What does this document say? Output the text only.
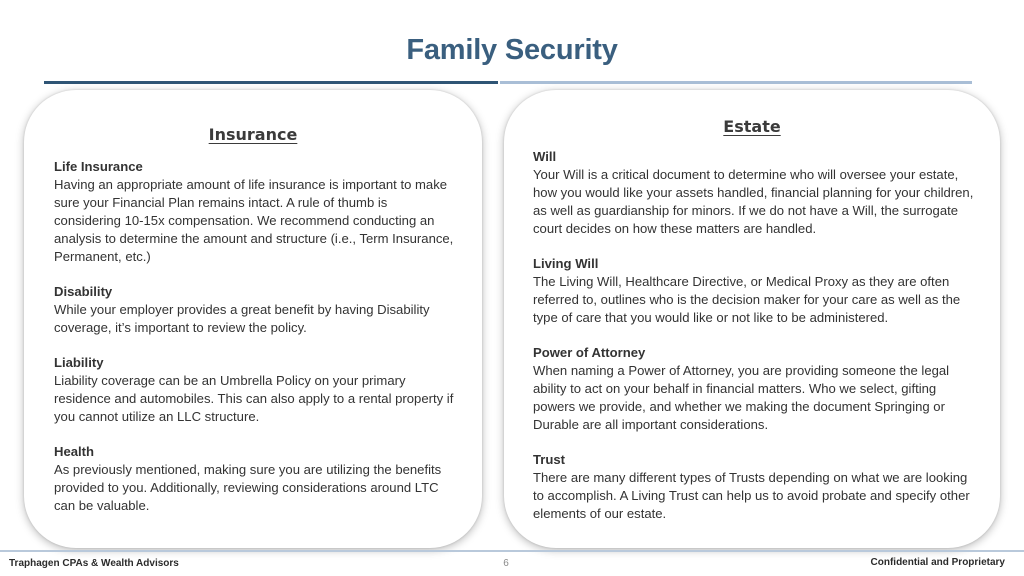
Family Security
Insurance
Life Insurance
Having an appropriate amount of life insurance is important to make sure your Financial Plan remains intact. A rule of thumb is considering 10-15x compensation. We recommend conducting an analysis to determine the amount and structure (i.e., Term Insurance, Permanent, etc.)
Disability
While your employer provides a great benefit by having Disability coverage, it’s important to review the policy.
Liability
Liability coverage can be an Umbrella Policy on your primary residence and automobiles. This can also apply to a rental property if you cannot utilize an LLC structure.
Health
As previously mentioned, making sure you are utilizing the benefits provided to you. Additionally, reviewing considerations around LTC can be valuable.
Estate
Will
Your Will is a critical document to determine who will oversee your estate, how you would like your assets handled, financial planning for your children, as well as guardianship for minors. If we do not have a Will, the surrogate court decides on how these matters are handled.
Living Will
The Living Will, Healthcare Directive, or Medical Proxy as they are often referred to, outlines who is the decision maker for your care as well as the type of care that you would like or not like to be administered.
Power of Attorney
When naming a Power of Attorney, you are providing someone the legal ability to act on your behalf in financial matters. Who we select, gifting powers we provide, and whether we making the document Springing or Durable are all important considerations.
Trust
There are many different types of Trusts depending on what we are looking to accomplish. A Living Trust can help us to avoid probate and specify other elements of our estate.
Traphagen CPAs & Wealth Advisors	6	Confidential and Proprietary
